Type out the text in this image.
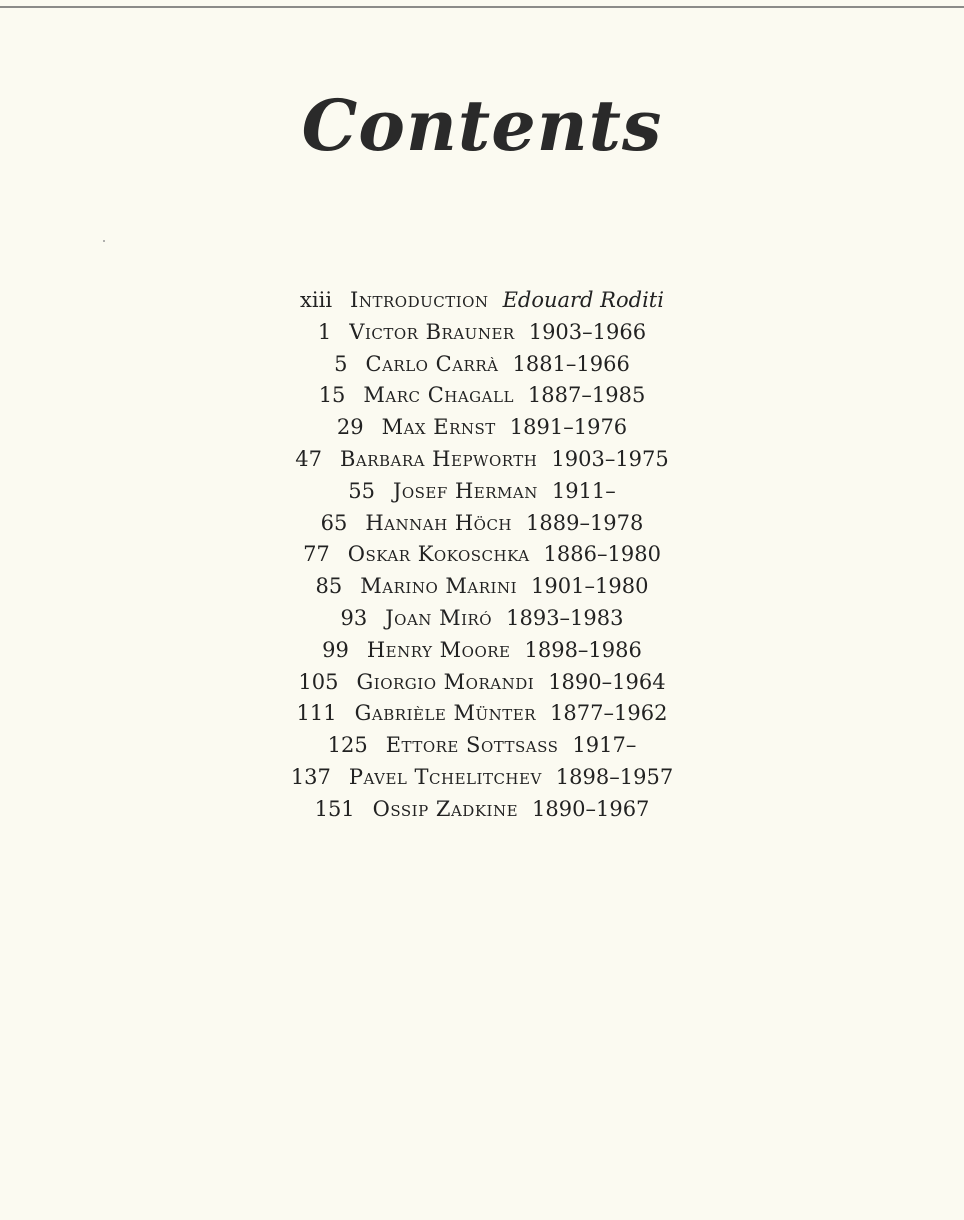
Contents
xiii Introduction Edouard Roditi
1 Victor Brauner 1903–1966
5 Carlo Carrà 1881–1966
15 Marc Chagall 1887–1985
29 Max Ernst 1891–1976
47 Barbara Hepworth 1903–1975
55 Josef Herman 1911–
65 Hannah Höch 1889–1978
77 Oskar Kokoschka 1886–1980
85 Marino Marini 1901–1980
93 Joan Miró 1893–1983
99 Henry Moore 1898–1986
105 Giorgio Morandi 1890–1964
111 Gabrièle Münter 1877–1962
125 Ettore Sottsass 1917–
137 Pavel Tchelitchev 1898–1957
151 Ossip Zadkine 1890–1967
